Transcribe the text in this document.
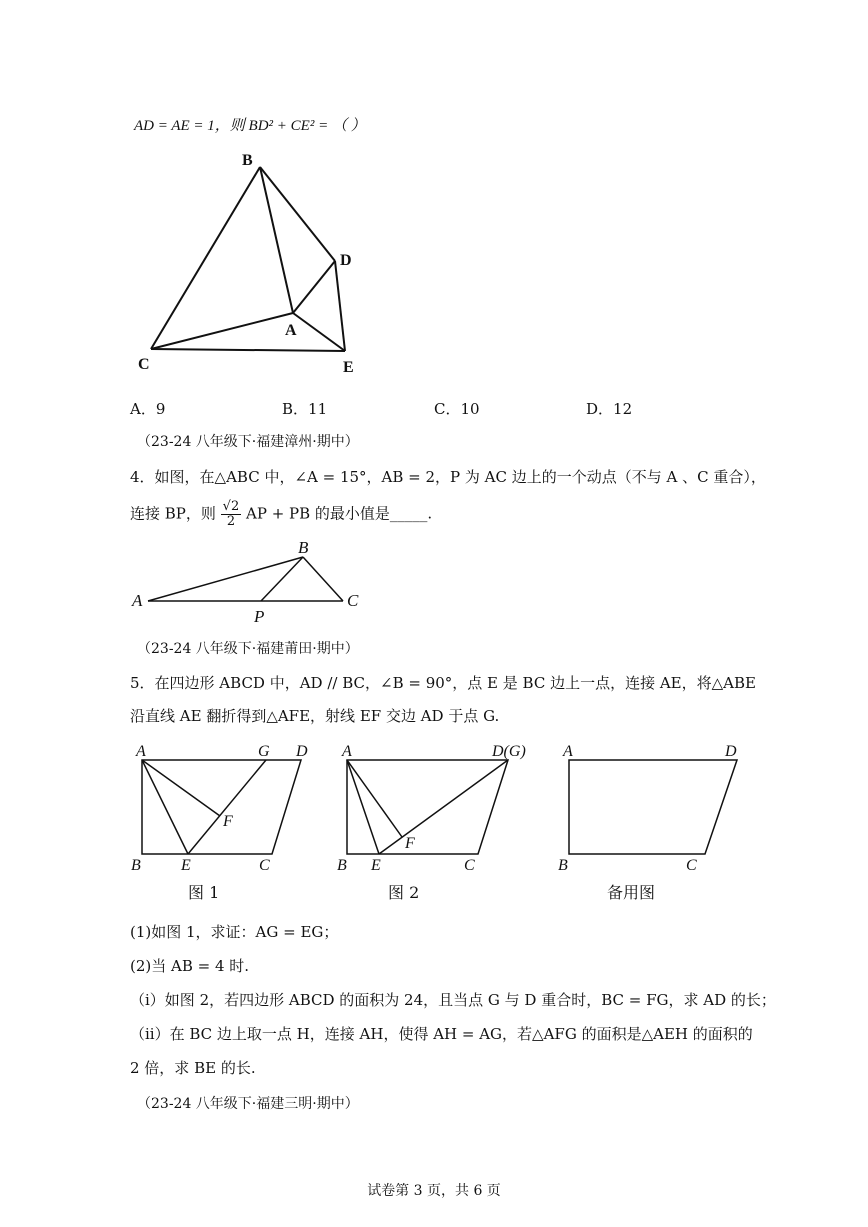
AD = AE = 1，则 BD² + CE² = （ ）
B
D
A
C	E
A．9	B．11	C．10	D．12
（23-24 八年级下·福建漳州·期中）
4．如图，在△ABC 中，∠A = 15°，AB = 2，P 为 AC 边上的一个动点（不与 A 、C 重合），
连接 BP，则 $\frac{√2}{2}$ AP + PB 的最小值是_____.
A
B
C
P
（23-24 八年级下·福建莆田·期中）
5．在四边形 ABCD 中，AD // BC，∠B = 90°，点 E 是 BC 边上一点，连接 AE，将△ABE
沿直线 AE 翻折得到△AFE，射线 EF 交边 AD 于点 G.
A	G D
F
B	E	C
A	D(G)
F
B E	C
A	D
B	C
图 1	图 2	备用图
(1)如图 1，求证：AG = EG；
(2)当 AB = 4 时.
（i）如图 2，若四边形 ABCD 的面积为 24，且当点 G 与 D 重合时，BC = FG，求 AD 的长；
（ii）在 BC 边上取一点 H，连接 AH，使得 AH = AG，若△AFG 的面积是△AEH 的面积的
2 倍，求 BE 的长.
（23-24 八年级下·福建三明·期中）
试卷第 3 页，共 6 页
